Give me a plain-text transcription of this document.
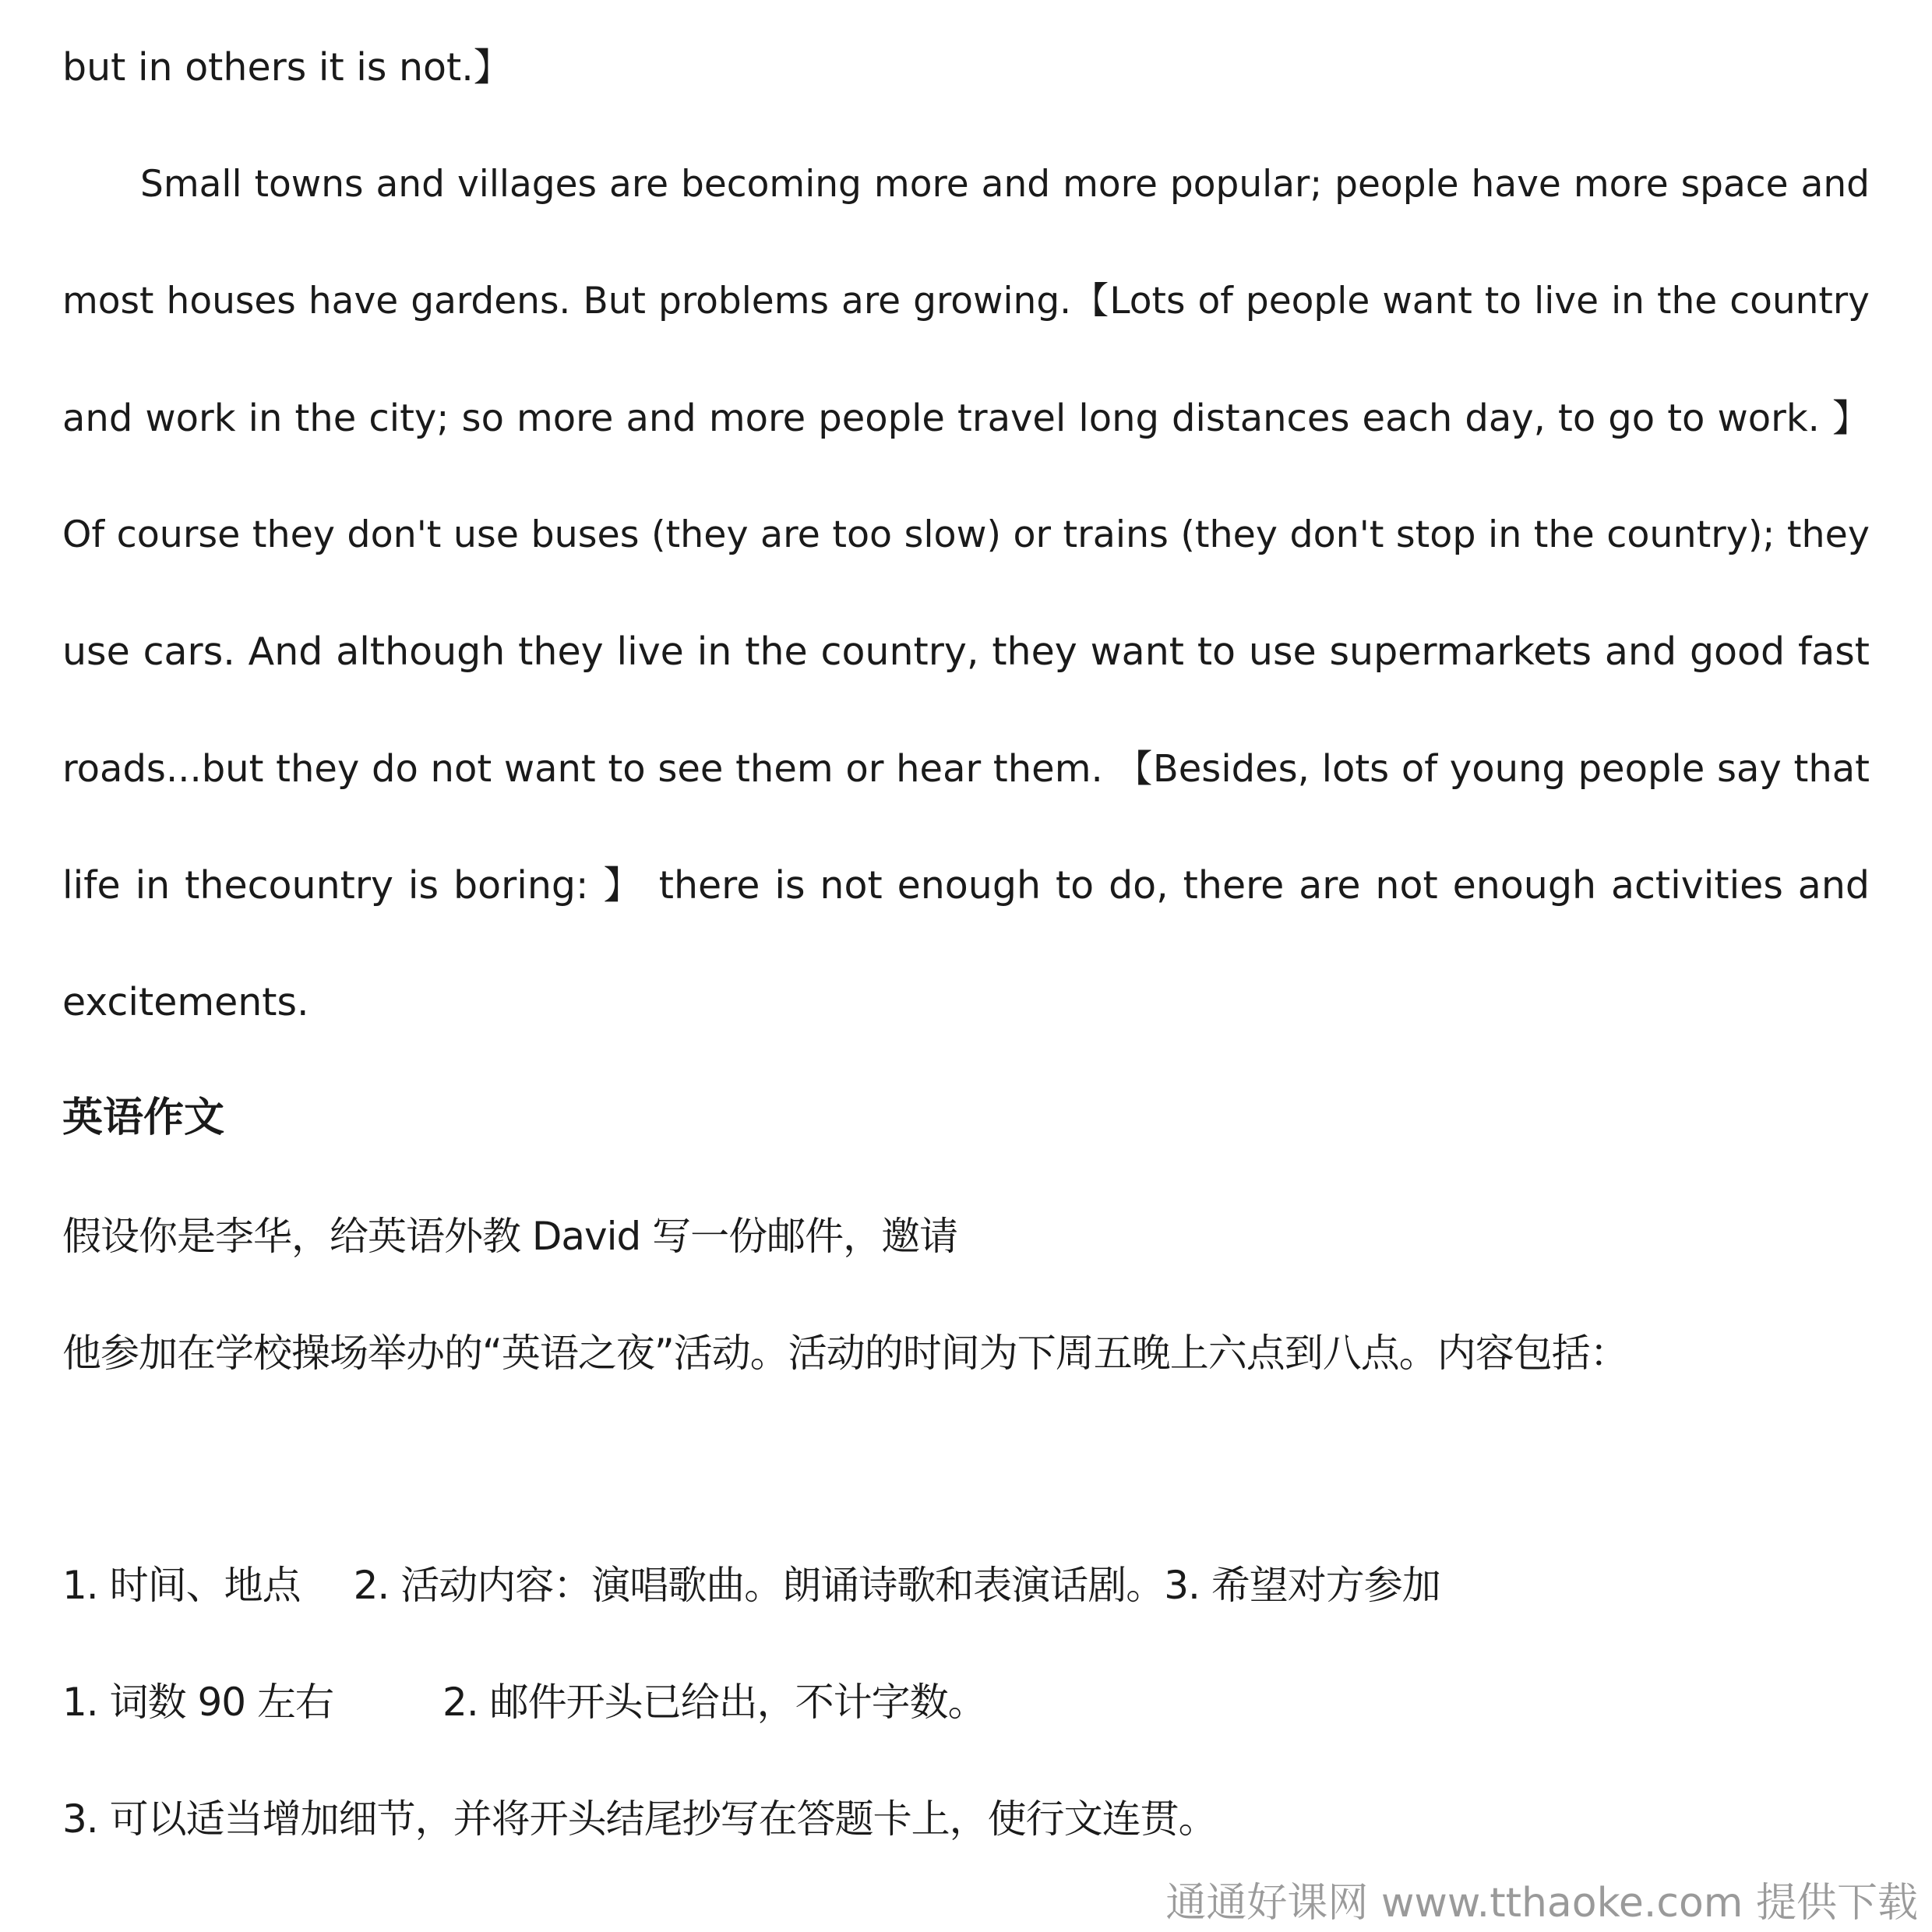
but in others it is not.】
Small towns and villages are becoming more and more popular; people have more space and
most houses have gardens. But problems are growing.【Lots of people want to live in the country
and work in the city; so more and more people travel long distances each day, to go to work. 】
Of course they don't use buses (they are too slow) or trains (they don't stop in the country); they
use cars. And although they live in the country, they want to use supermarkets and good fast
roads...but they do not want to see them or hear them. 【Besides, lots of young people say that
life in thecountry is boring: 】 there is not enough to do, there are not enough activities and
excitements.
英语作文
假设你是李华，给英语外教 David 写一份邮件，邀请
他参加在学校操场举办的“英语之夜”活动。活动的时间为下周五晚上六点到八点。内容包括：
1. 时间、地点 2. 活动内容：演唱歌曲。朗诵诗歌和表演话剧。3. 希望对方参加
1. 词数 90 左右	2. 邮件开头已给出，不计字数。
3. 可以适当增加细节，并将开头结尾抄写在答题卡上，使行文连贯。
通通好课网 www.tthaoke.com 提供下载
